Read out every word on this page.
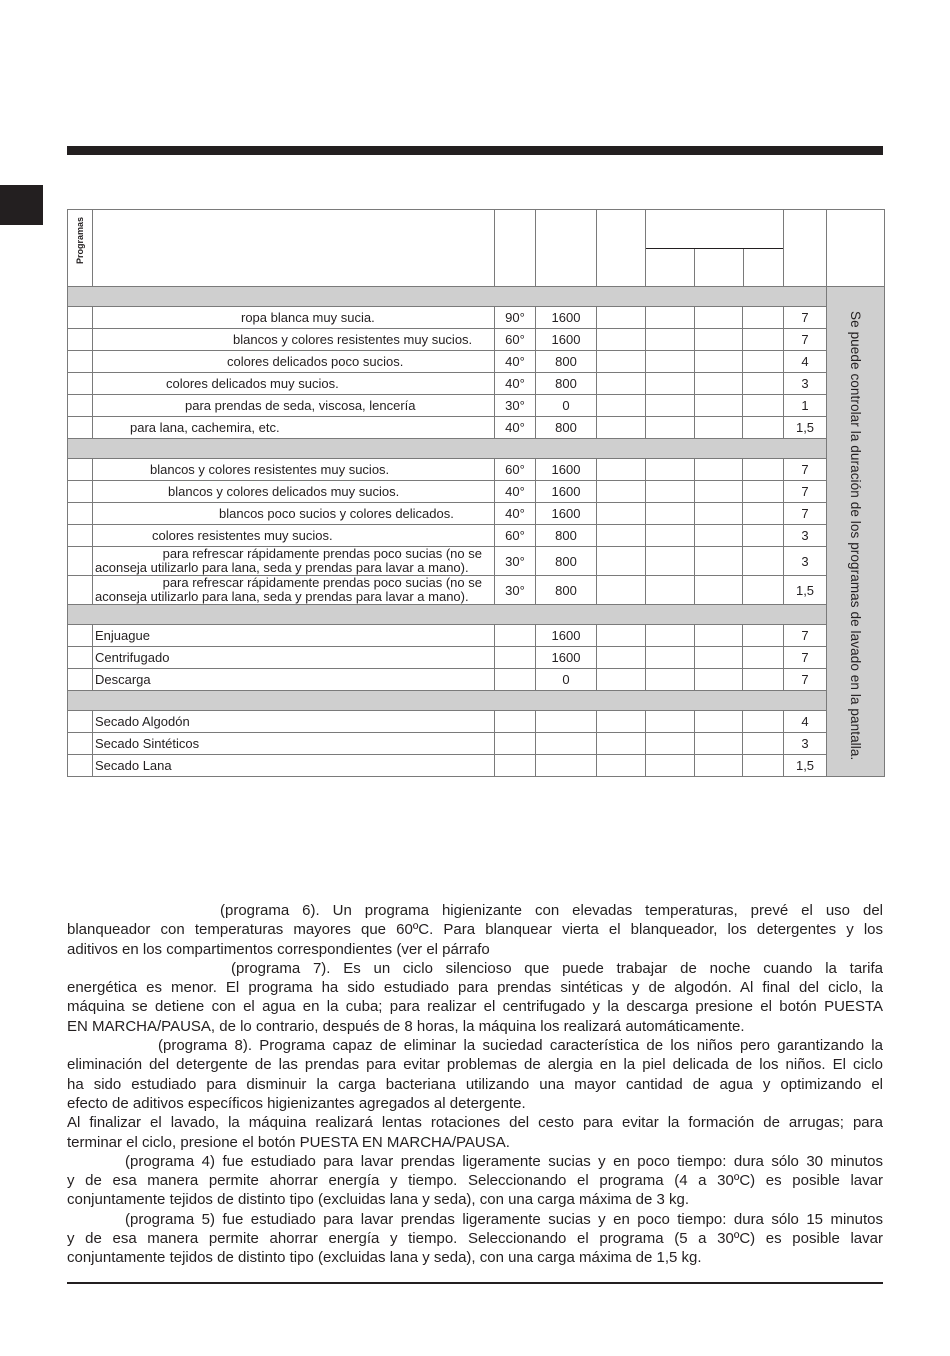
Programas									

									Se puede controlar la duración de los programas de lavado en la pantalla.

	ropa blanca muy sucia.	90°	1600					7	
	blancos y colores resistentes muy sucios.	60°	1600					7	
	colores delicados poco sucios.	40°	800					4	
	colores delicados muy sucios.	40°	800					3	
	para prendas de seda, viscosa, lencería	30°	0					1	
	para lana, cachemira, etc.	40°	800					1,5	

	blancos y colores resistentes muy sucios.	60°	1600					7	
	blancos y colores delicados muy sucios.	40°	1600					7	
	blancos poco sucios y colores delicados.	40°	1600					7	
	colores resistentes muy sucios.	60°	800					3	

	para refrescar rápidamente prendas poco sucias (no se
aconseja utilizarlo para lana, seda y prendas para lavar a mano).	30°	800					3	

	para refrescar rápidamente prendas poco sucias (no se
aconseja utilizarlo para lana, seda y prendas para lavar a mano).	30°	800					1,5	

	Enjuague		1600					7	
	Centrifugado		1600					7	
	Descarga		0					7	

	Secado Algodón							4	
	Secado Sintéticos							3	
	Secado Lana							1,5	

(programa 6). Un programa higienizante con elevadas temperaturas, prevé el uso del

blanqueador con temperaturas mayores que 60ºC. Para blanquear vierta el blanqueador, los detergentes y los

aditivos en los compartimentos correspondientes (ver el párrafo

(programa 7). Es un ciclo silencioso que puede trabajar de noche cuando la tarifa

energética es menor. El programa ha sido estudiado para prendas sintéticas y de algodón. Al final del ciclo, la

máquina se detiene con el agua en la cuba; para realizar el centrifugado y la descarga presione el botón PUESTA

EN MARCHA/PAUSA, de lo contrario, después de 8 horas, la máquina los realizará automáticamente.

(programa 8). Programa capaz de eliminar la suciedad característica de los niños pero garantizando la

eliminación del detergente de las prendas para evitar problemas de alergia en la piel delicada de los niños. El ciclo

ha sido estudiado para disminuir la carga bacteriana utilizando una mayor cantidad de agua y optimizando el

efecto de aditivos específicos higienizantes agregados al detergente.

Al finalizar el lavado, la máquina realizará lentas rotaciones del cesto para evitar la formación de arrugas; para

terminar el ciclo, presione el botón PUESTA EN MARCHA/PAUSA.

(programa 4) fue estudiado para lavar prendas ligeramente sucias y en poco tiempo: dura sólo 30 minutos

y de esa manera permite ahorrar energía y tiempo. Seleccionando el programa (4 a 30ºC) es posible lavar

conjuntamente tejidos de distinto tipo (excluidas lana y seda), con una carga máxima de 3 kg.

(programa 5) fue estudiado para lavar prendas ligeramente sucias y en poco tiempo: dura sólo 15 minutos

y de esa manera permite ahorrar energía y tiempo. Seleccionando el programa (5 a 30ºC) es posible lavar

conjuntamente tejidos de distinto tipo (excluidas lana y seda), con una carga máxima de 1,5 kg.
